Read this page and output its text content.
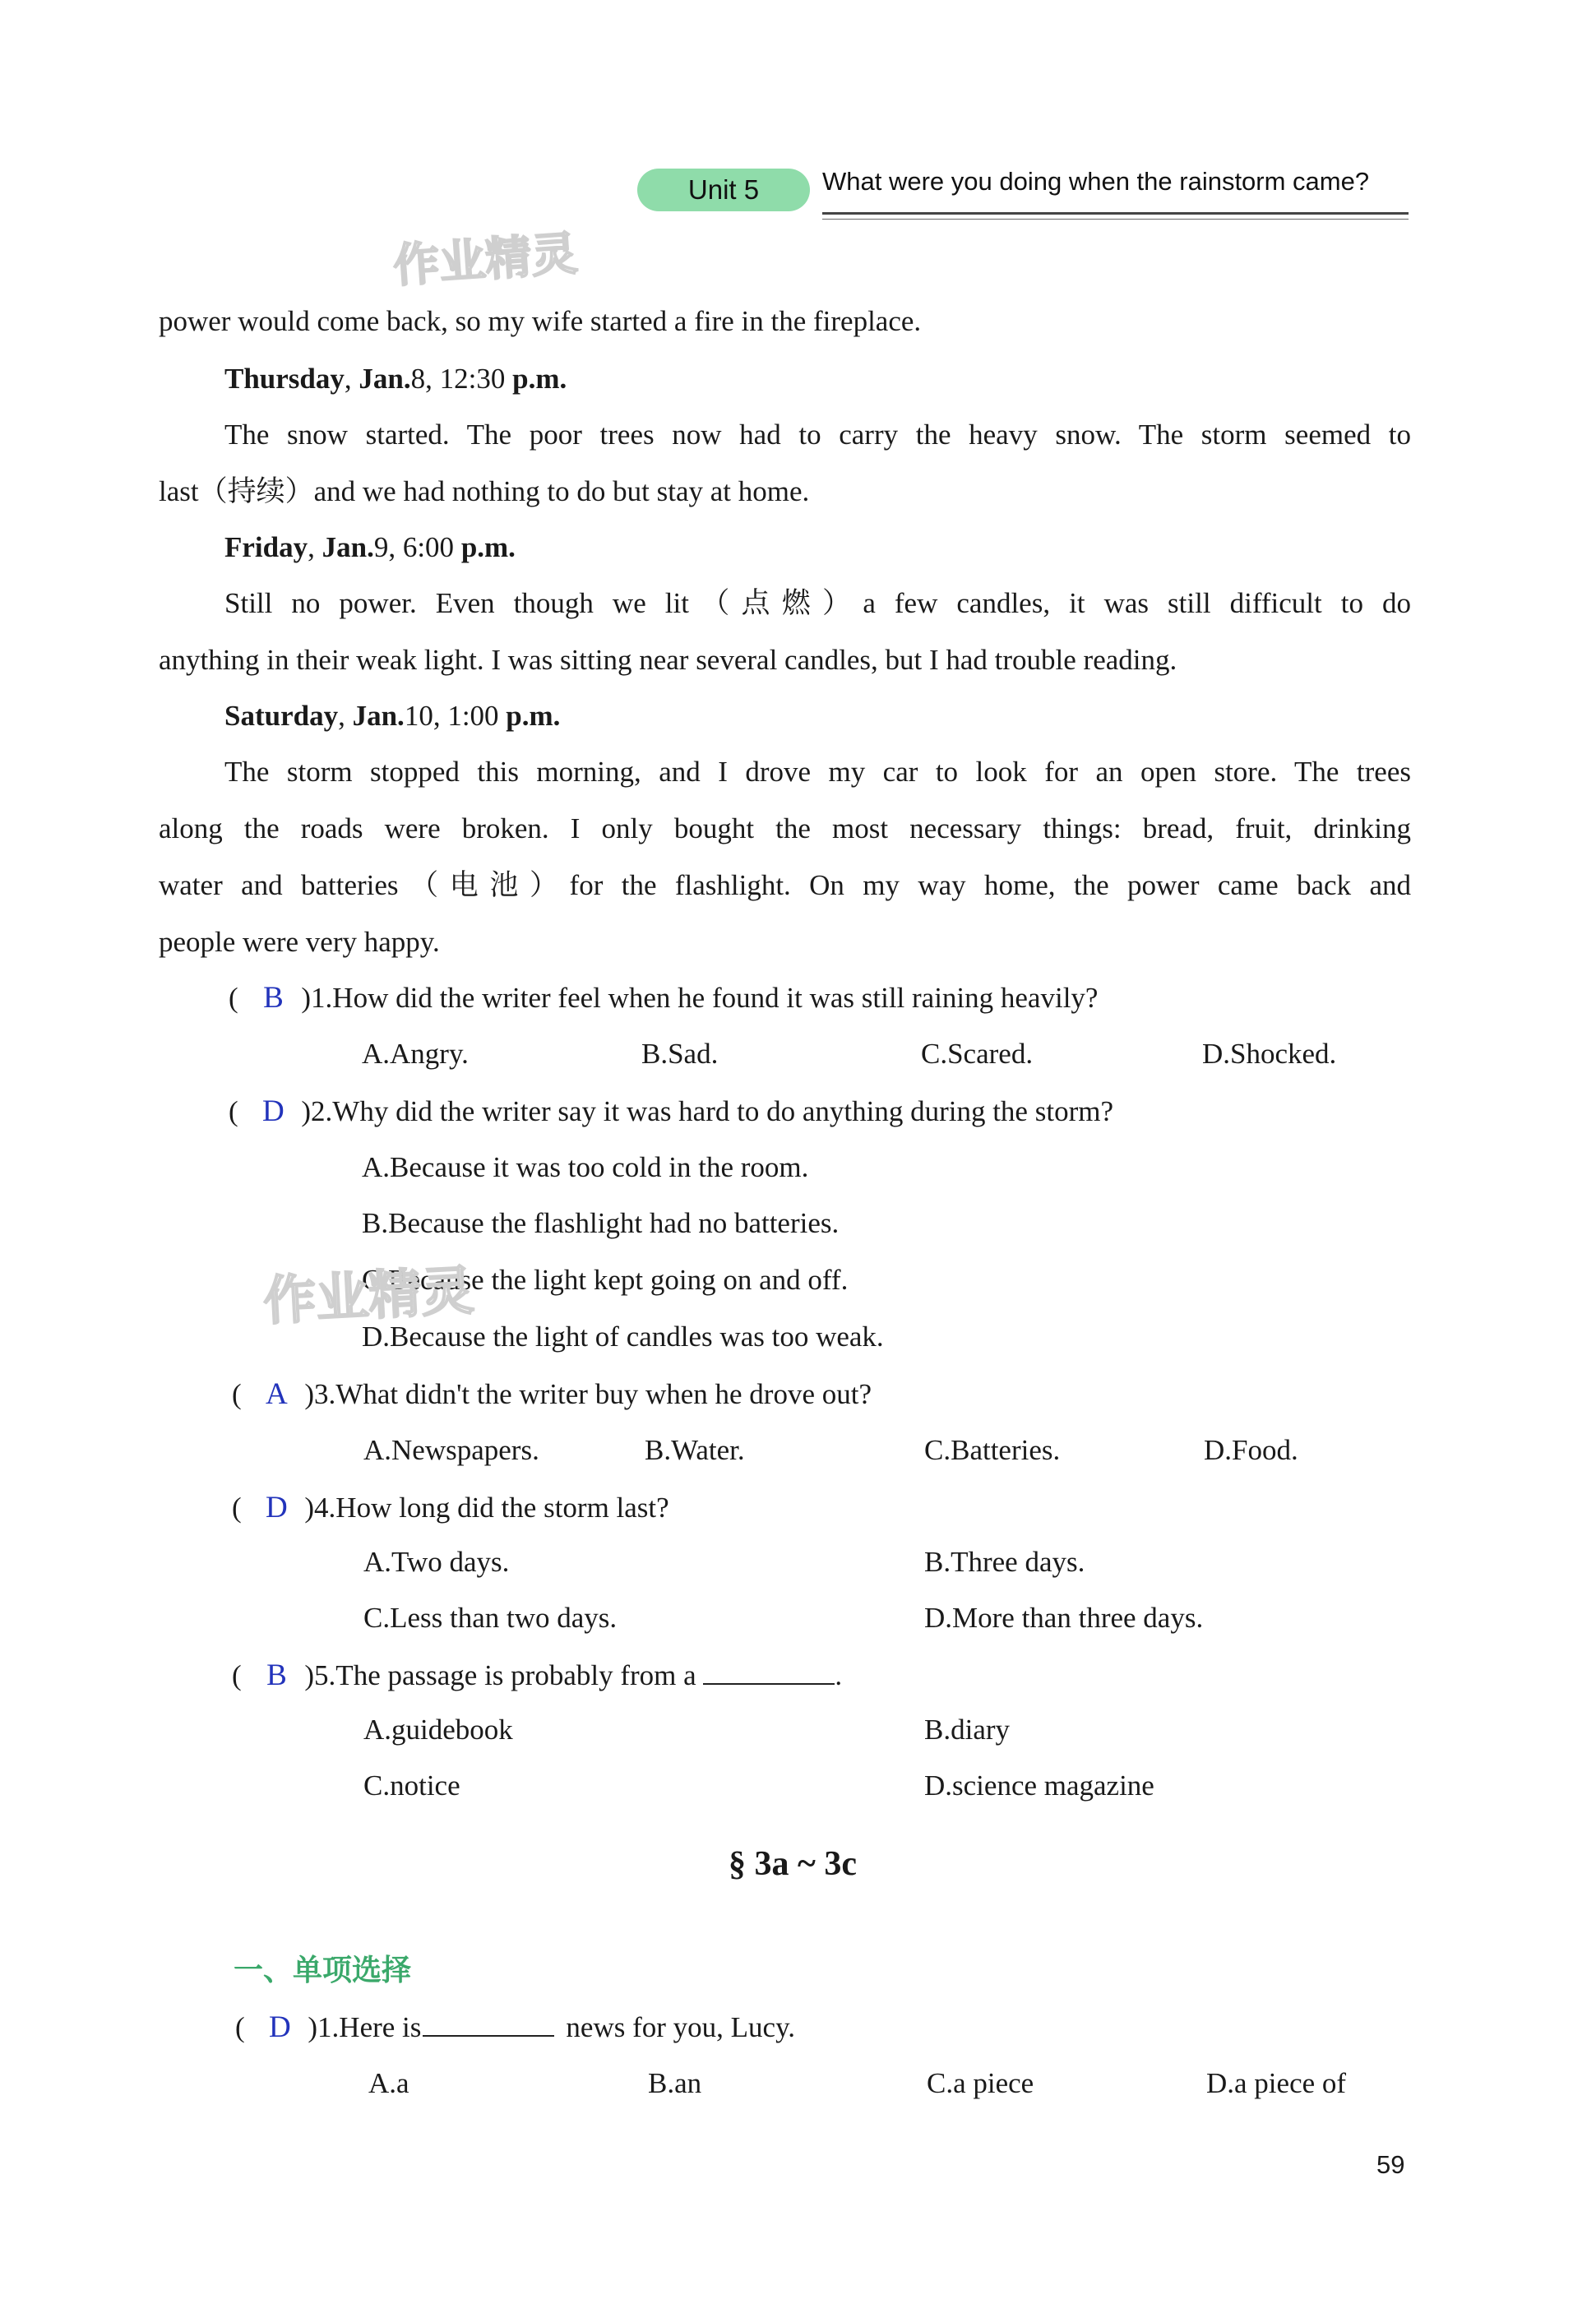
Unit 5	What were you doing when the rainstorm came?
作业精灵
power would come back, so my wife started a fire in the fireplace.
Thursday, Jan.8, 12:30 p.m.
The snow started. The poor trees now had to carry the heavy snow. The storm seemed to
last（持续）and we had nothing to do but stay at home.
Friday, Jan.9, 6:00 p.m.
Still no power. Even though we lit（点燃）a few candles, it was still difficult to do
anything in their weak light. I was sitting near several candles, but I had trouble reading.
Saturday, Jan.10, 1:00 p.m.
The storm stopped this morning, and I drove my car to look for an open store. The trees
along the roads were broken. I only bought the most necessary things: bread, fruit, drinking
water and batteries（电池）for the flashlight. On my way home, the power came back and
people were very happy.
( B )1.How did the writer feel when he found it was still raining heavily?
A.Angry.	B.Sad.	C.Scared.	D.Shocked.
( D )2.Why did the writer say it was hard to do anything during the storm?
A.Because it was too cold in the room.
B.Because the flashlight had no batteries.
C.Because the light kept going on and off.
D.Because the light of candles was too weak.
作业精灵
( A )3.What didn't the writer buy when he drove out?
A.Newspapers.	B.Water.	C.Batteries.	D.Food.
( D )4.How long did the storm last?
A.Two days.	B.Three days.
C.Less than two days.	D.More than three days.
( B )5.The passage is probably from a	.
A.guidebook	B.diary
C.notice	D.science magazine
§ 3a ~ 3c
一、单项选择
( D )1.Here is	news for you, Lucy.
A.a	B.an	C.a piece	D.a piece of
59
